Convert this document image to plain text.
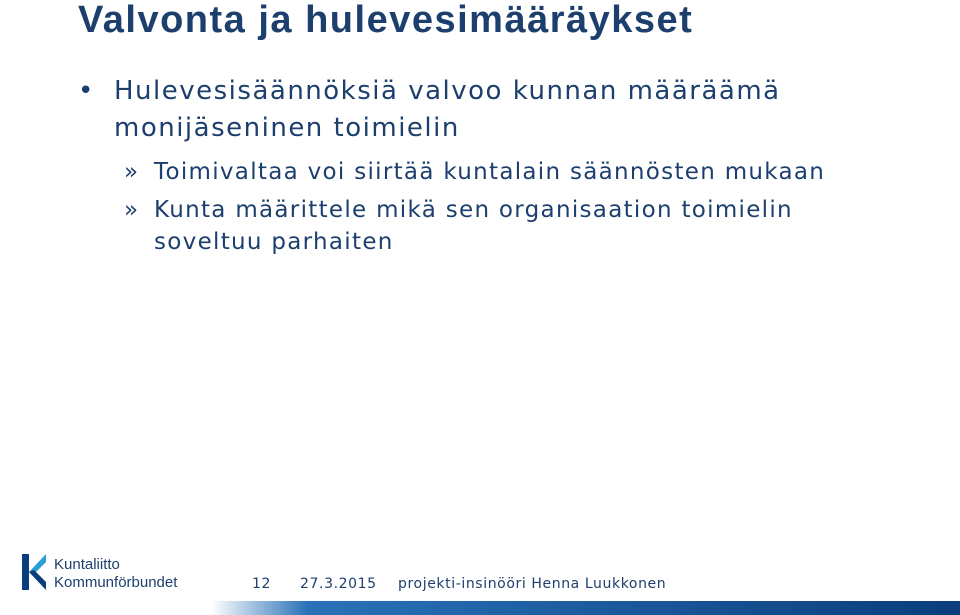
Valvonta ja hulevesimääräykset
• Hulevesisäännöksiä valvoo kunnan määräämä monijäseninen toimielin
» Toimivaltaa voi siirtää kuntalain säännösten mukaan
» Kunta määrittele mikä sen organisaation toimielin soveltuu parhaiten
Kuntaliitto
Kommunförbundet	12 27.3.2015 projekti-insinööri Henna Luukkonen
